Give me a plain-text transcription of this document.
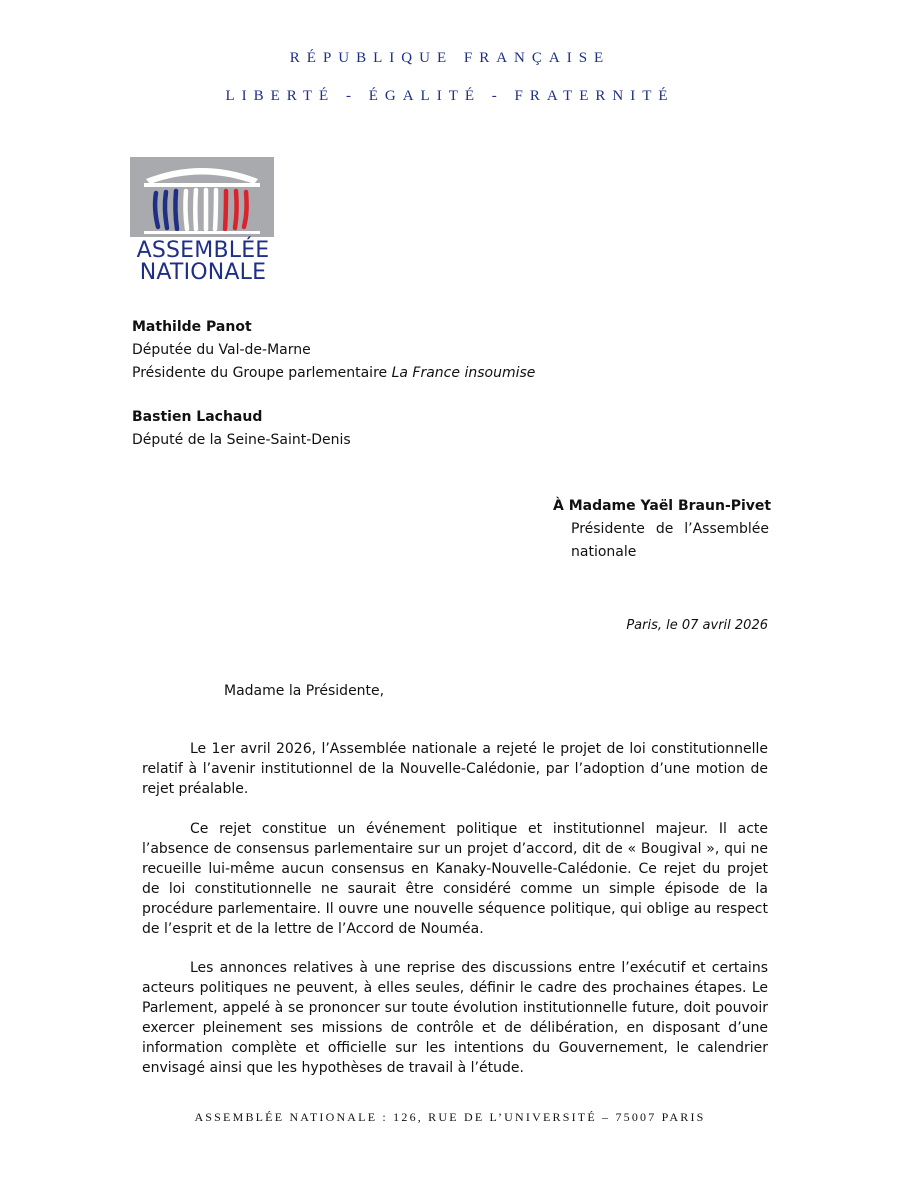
RÉPUBLIQUE FRANÇAISE
LIBERTÉ - ÉGALITÉ - FRATERNITÉ
ASSEMBLÉE
NATIONALE
Mathilde Panot
Députée du Val-de-Marne
Présidente du Groupe parlementaire La France insoumise
Bastien Lachaud
Député de la Seine-Saint-Denis
À Madame Yaël Braun-Pivet
Présidente de l’Assemblée
nationale
Paris, le 07 avril 2026
Madame la Présidente,

Le 1er avril 2026, l’Assemblée nationale a rejeté le projet de loi constitutionnelle relatif à l’avenir institutionnel de la Nouvelle-Calédonie, par l’adoption d’une motion de rejet préalable.

Ce rejet constitue un événement politique et institutionnel majeur. Il acte l’absence de consensus parlementaire sur un projet d’accord, dit de « Bougival », qui ne recueille lui-même aucun consensus en Kanaky-Nouvelle-Calédonie. Ce rejet du projet de loi constitutionnelle ne saurait être considéré comme un simple épisode de la procédure parlementaire. Il ouvre une nouvelle séquence politique, qui oblige au respect de l’esprit et de la lettre de l’Accord de Nouméa.

Les annonces relatives à une reprise des discussions entre l’exécutif et certains acteurs politiques ne peuvent, à elles seules, définir le cadre des prochaines étapes. Le Parlement, appelé à se prononcer sur toute évolution institutionnelle future, doit pouvoir exercer pleinement ses missions de contrôle et de délibération, en disposant d’une information complète et officielle sur les intentions du Gouvernement, le calendrier envisagé ainsi que les hypothèses de travail à l’étude.

ASSEMBLÉE NATIONALE : 126, RUE DE L’UNIVERSITÉ – 75007 PARIS
